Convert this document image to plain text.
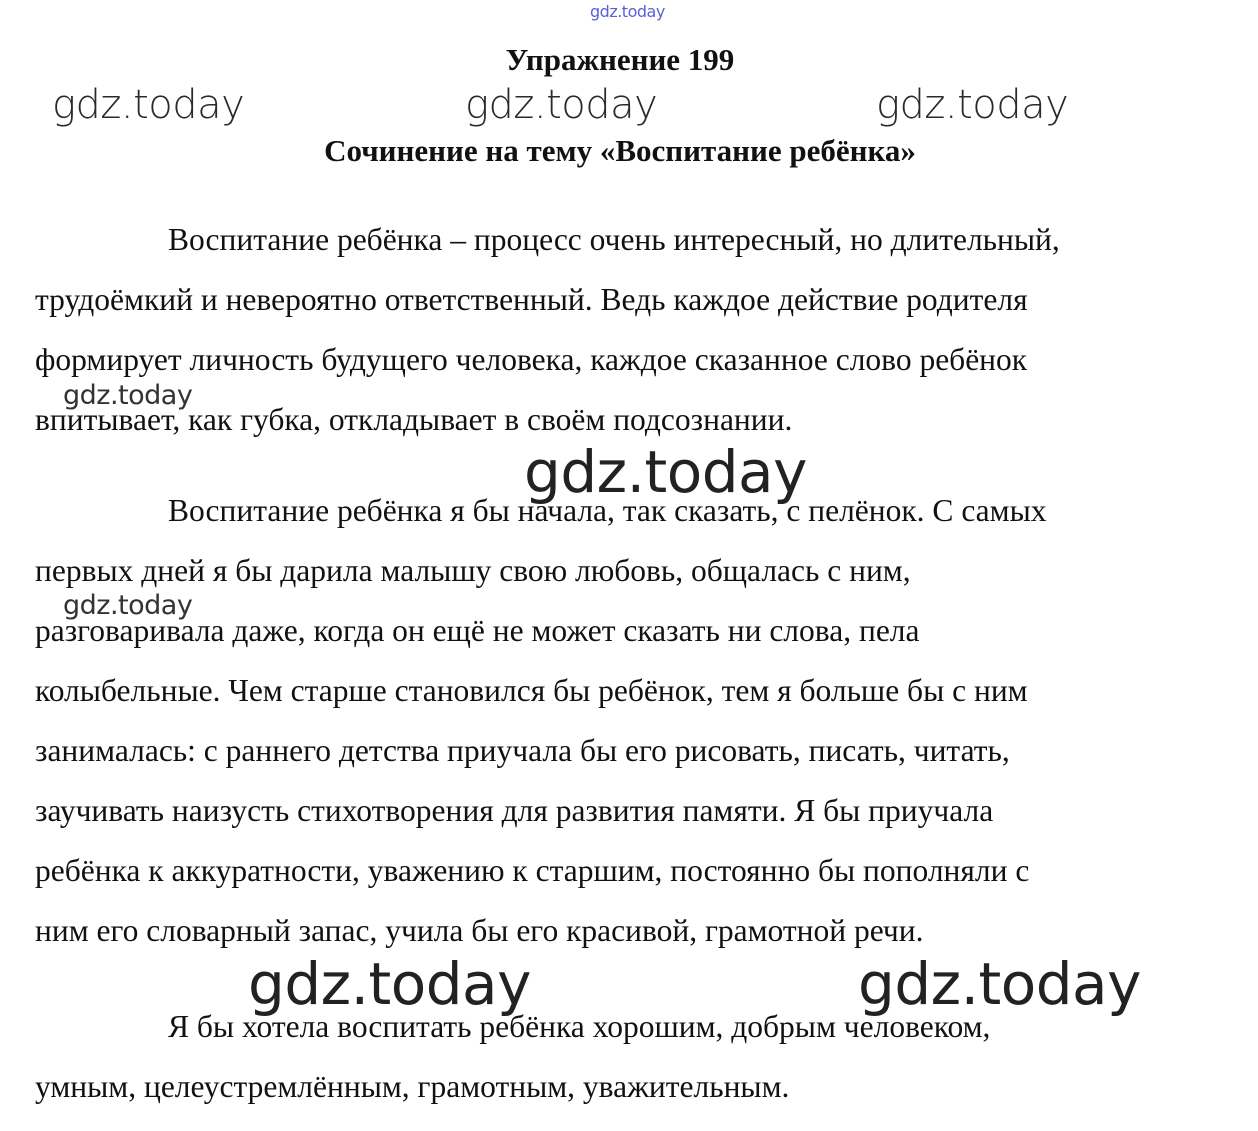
gdz.today
Упражнение 199
gdz.today	gdz.today	gdz.today
Сочинение на тему «Воспитание ребёнка»

Воспитание ребёнка – процесс очень интересный, но длительный,
трудоёмкий и невероятно ответственный. Ведь каждое действие родителя
формирует личность будущего человека, каждое сказанное слово ребёнок
впитывает, как губка, откладывает в своём подсознании.

Воспитание ребёнка я бы начала, так сказать, с пелёнок. С самых
первых дней я бы дарила малышу свою любовь, общалась с ним,
разговаривала даже, когда он ещё не может сказать ни слова, пела
колыбельные. Чем старше становился бы ребёнок, тем я больше бы с ним
занималась: с раннего детства приучала бы его рисовать, писать, читать,
заучивать наизусть стихотворения для развития памяти. Я бы приучала
ребёнка к аккуратности, уважению к старшим, постоянно бы пополняли с
ним его словарный запас, учила бы его красивой, грамотной речи.

Я бы хотела воспитать ребёнка хорошим, добрым человеком,
умным, целеустремлённым, грамотным, уважительным.

gdz.today
gdz.today
gdz.today
gdz.today	gdz.today
